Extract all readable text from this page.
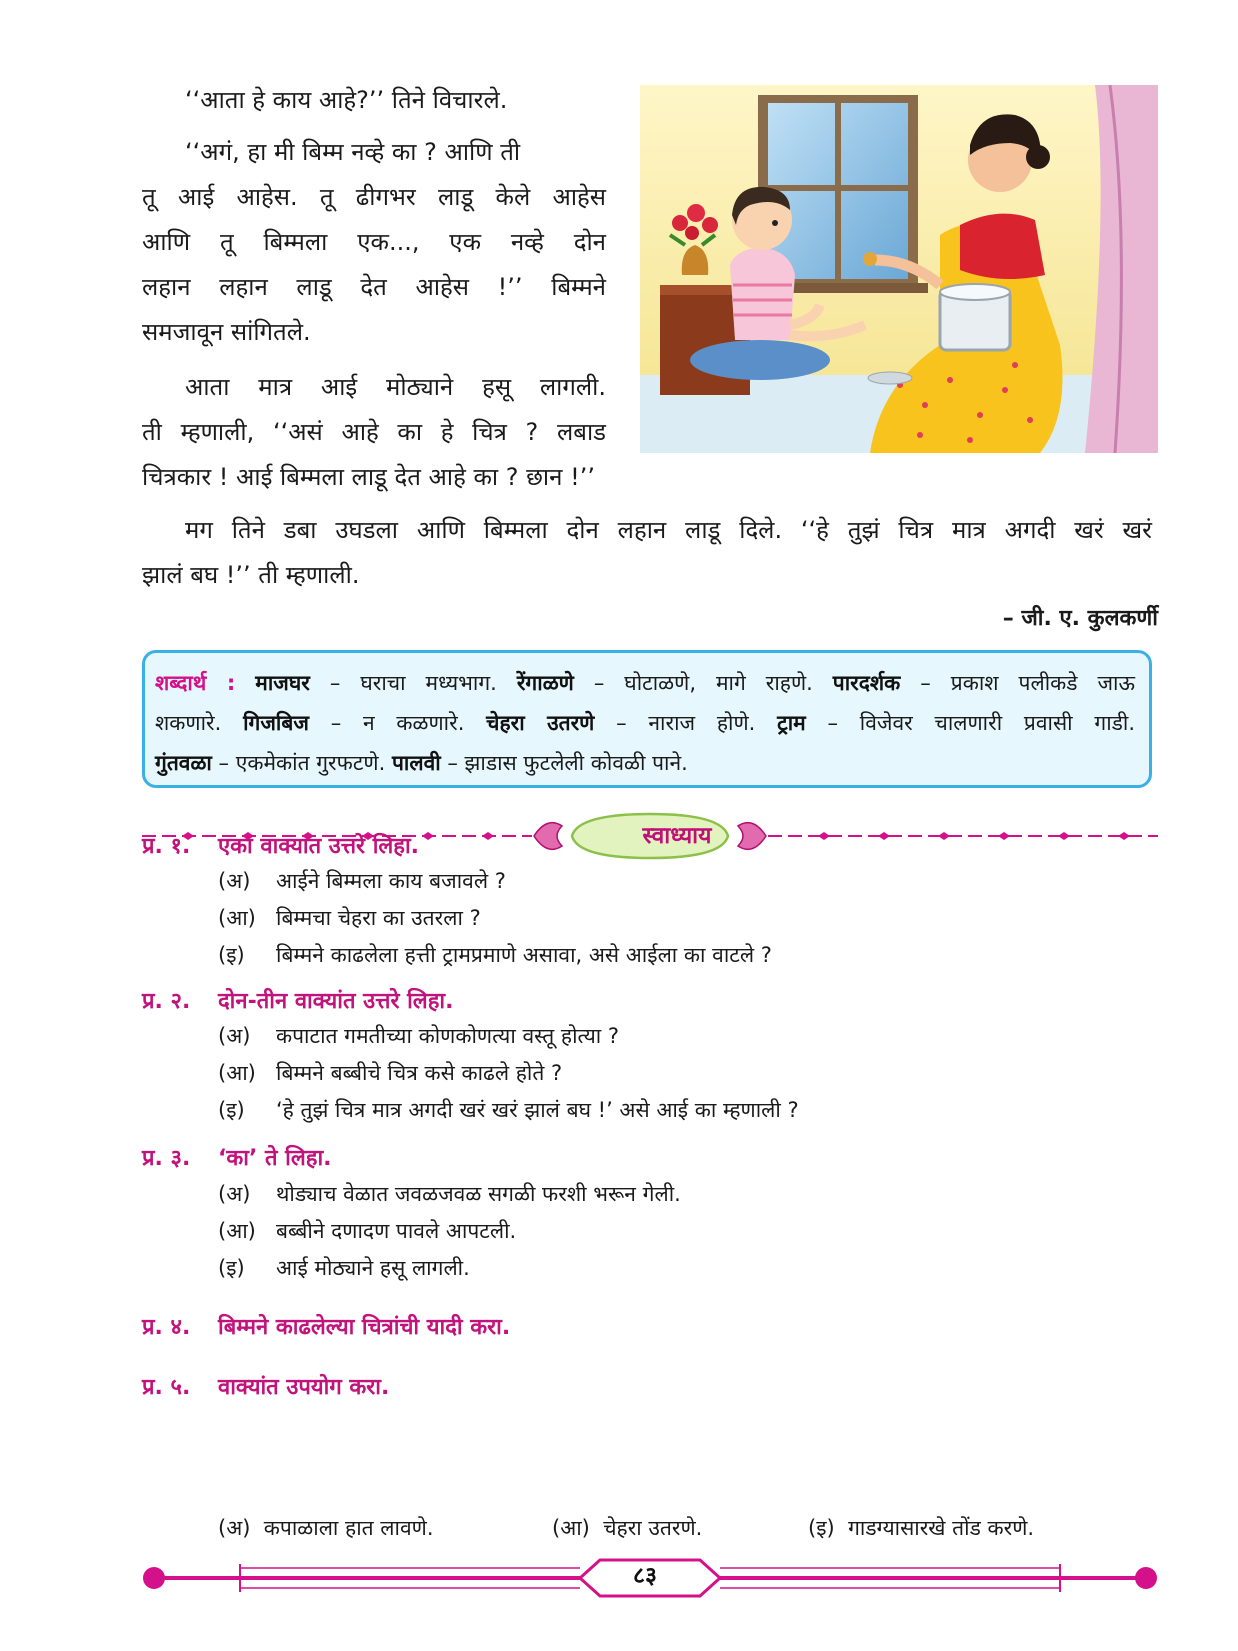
‘‘आता हे काय आहे?’’ तिने विचारले.

‘‘अगं, हा मी बिम्म नव्हे का ? आणि ती
तू आई आहेस. तू ढीगभर लाडू केले आहेस
आणि तू बिम्मला एक..., एक नव्हे दोन
लहान लहान लाडू देत आहेस !’’ बिम्मने
समजावून सांगितले.
आता मात्र आई मोठ्याने हसू लागली.
ती म्हणाली, ‘‘असं आहे का हे चित्र ? लबाड
चित्रकार ! आई बिम्मला लाडू देत आहे का ? छान !’’
मग तिने डबा उघडला आणि बिम्मला दोन लहान लाडू दिले. ‘‘हे तुझं चित्र मात्र अगदी खरं खरं
झालं बघ !’’ ती म्हणाली.
– जी. ए. कुलकर्णी
शब्दार्थ : माजघर – घराचा मध्यभाग. रेंगाळणे – घोटाळणे, मागे राहणे. पारदर्शक – प्रकाश पलीकडे जाऊ
शकणारे. गिजबिज – न कळणारे. चेहरा उतरणे – नाराज होणे. ट्राम – विजेवर चालणारी प्रवासी गाडी.
गुंतवळा – एकमेकांत गुरफटणे. पालवी – झाडास फुटलेली कोवळी पाने.
स्वाध्याय
प्र. १. एका वाक्यात उत्तरे लिहा.
(अ) आईने बिम्मला काय बजावले ?
(आ) बिम्मचा चेहरा का उतरला ?
(इ) बिम्मने काढलेला हत्ती ट्रामप्रमाणे असावा, असे आईला का वाटले ?
प्र. २. दोन-तीन वाक्यांत उत्तरे लिहा.
(अ) कपाटात गमतीच्या कोणकोणत्या वस्तू होत्या ?
(आ) बिम्मने बब्बीचे चित्र कसे काढले होते ?
(इ) ‘हे तुझं चित्र मात्र अगदी खरं खरं झालं बघ !’ असे आई का म्हणाली ?
प्र. ३. ‘का’ ते लिहा.
(अ) थोड्याच वेळात जवळजवळ सगळी फरशी भरून गेली.
(आ) बब्बीने दणादण पावले आपटली.
(इ) आई मोठ्याने हसू लागली.
प्र. ४. बिम्मने काढलेल्या चित्रांची यादी करा.
प्र. ५. वाक्यांत उपयोग करा.
(अ) कपाळाला हात लावणे.	(आ) चेहरा उतरणे.	(इ) गाडग्यासारखे तोंड करणे.
८३
